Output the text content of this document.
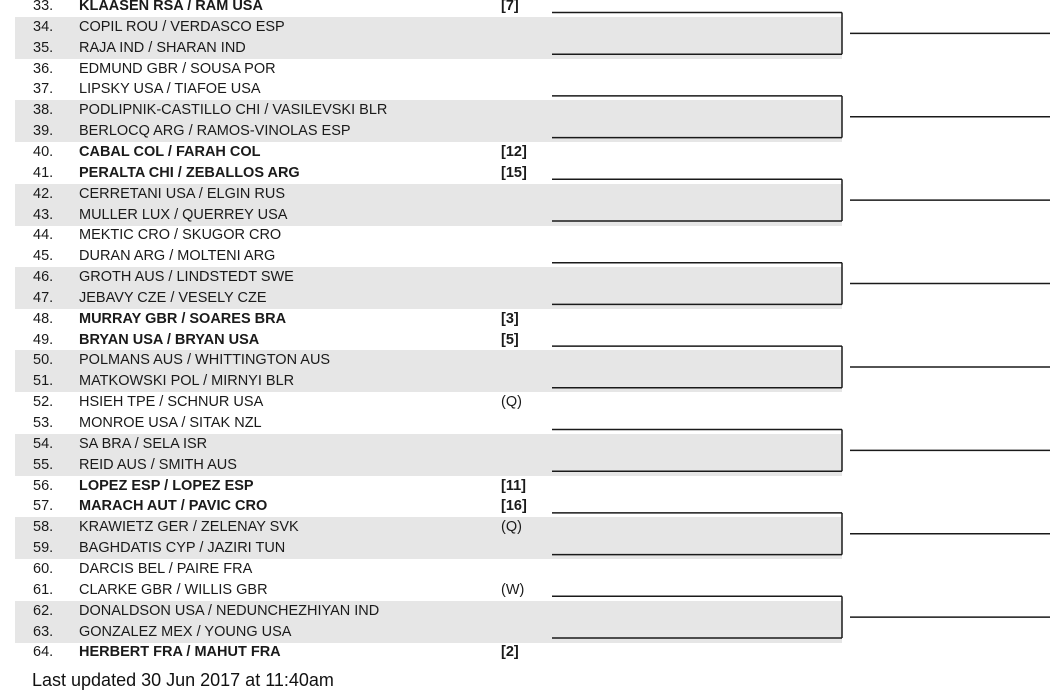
33. KLAASEN RSA / RAM USA	[7]
34. COPIL ROU / VERDASCO ESP
35. RAJA IND / SHARAN IND
36. EDMUND GBR / SOUSA POR
37. LIPSKY USA / TIAFOE USA
38. PODLIPNIK-CASTILLO CHI / VASILEVSKI BLR
39. BERLOCQ ARG / RAMOS-VINOLAS ESP
40. CABAL COL / FARAH COL	[12]
41. PERALTA CHI / ZEBALLOS ARG	[15]
42. CERRETANI USA / ELGIN RUS
43. MULLER LUX / QUERREY USA
44. MEKTIC CRO / SKUGOR CRO
45. DURAN ARG / MOLTENI ARG
46. GROTH AUS / LINDSTEDT SWE
47. JEBAVY CZE / VESELY CZE
48. MURRAY GBR / SOARES BRA	[3]
49. BRYAN USA / BRYAN USA	[5]
50. POLMANS AUS / WHITTINGTON AUS
51. MATKOWSKI POL / MIRNYI BLR
52. HSIEH TPE / SCHNUR USA	(Q)
53. MONROE USA / SITAK NZL
54. SA BRA / SELA ISR
55. REID AUS / SMITH AUS
56. LOPEZ ESP / LOPEZ ESP	[11]
57. MARACH AUT / PAVIC CRO	[16]
58. KRAWIETZ GER / ZELENAY SVK	(Q)
59. BAGHDATIS CYP / JAZIRI TUN
60. DARCIS BEL / PAIRE FRA
61. CLARKE GBR / WILLIS GBR	(W)
62. DONALDSON USA / NEDUNCHEZHIYAN IND
63. GONZALEZ MEX / YOUNG USA
64. HERBERT FRA / MAHUT FRA	[2]
Last updated 30 Jun 2017 at 11:40am
